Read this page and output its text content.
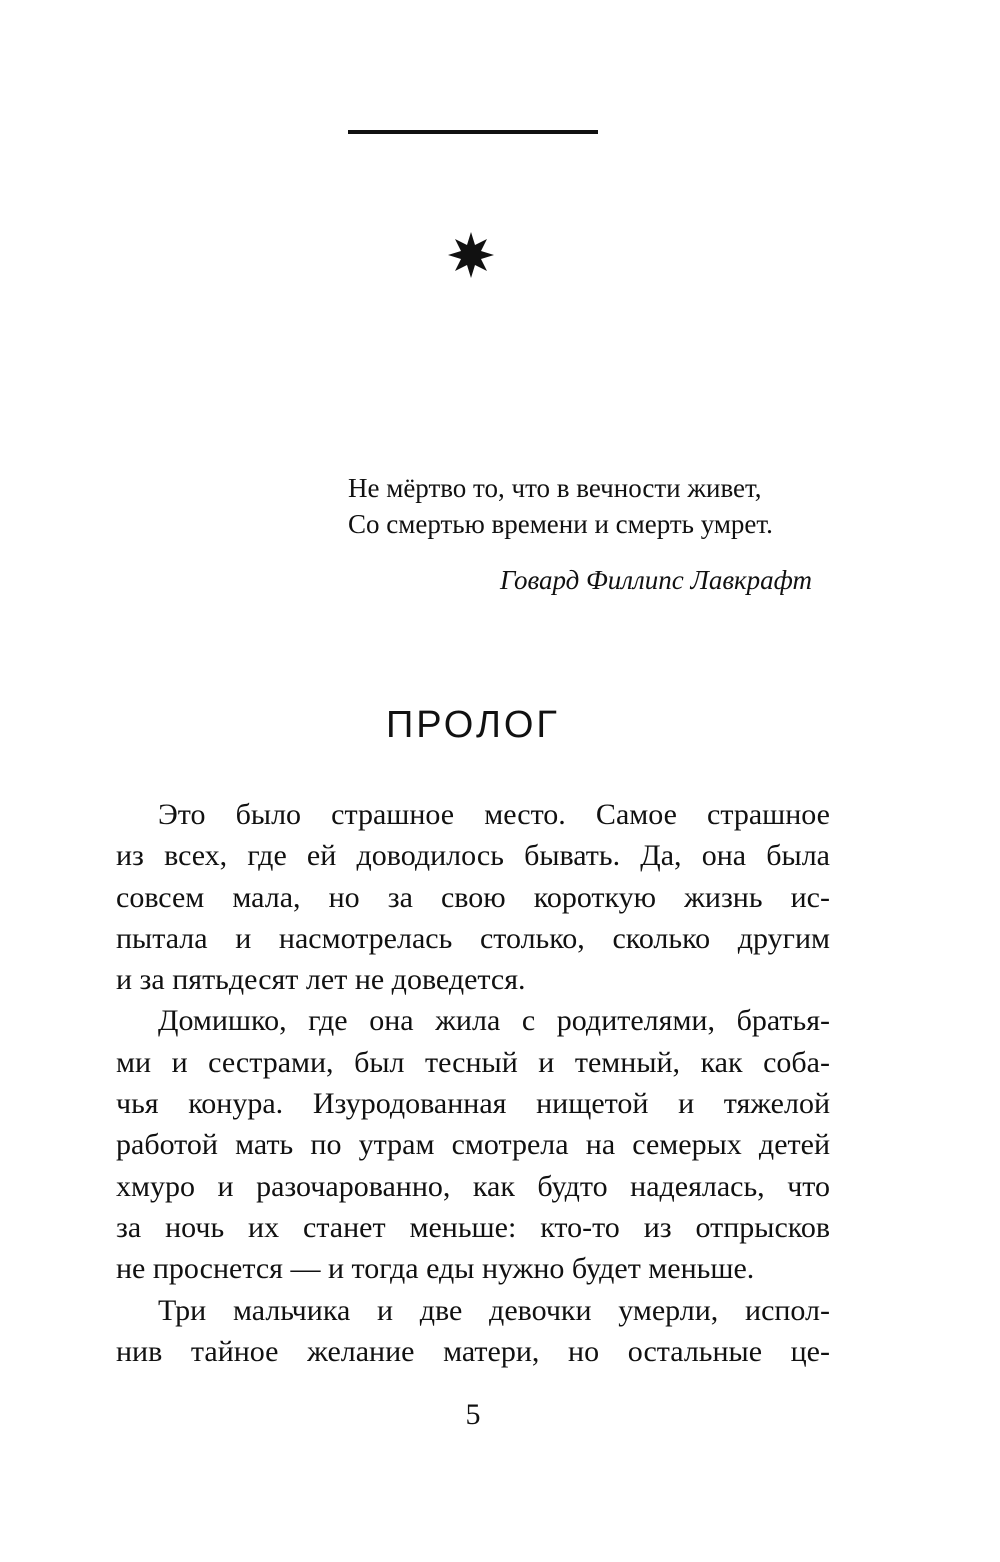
Не мёртво то, что в вечности живет,
Со смертью времени и смерть умрет.
Говард Филлипс Лавкрафт
ПРОЛОГ
Это было страшное место. Самое страшное
из всех, где ей доводилось бывать. Да, она была
совсем мала, но за свою короткую жизнь ис-
пытала и насмотрелась столько, сколько другим
и за пятьдесят лет не доведется.
Домишко, где она жила с родителями, братья-
ми и сестрами, был тесный и темный, как соба-
чья конура. Изуродованная нищетой и тяжелой
работой мать по утрам смотрела на семерых детей
хмуро и разочарованно, как будто надеялась, что
за ночь их станет меньше: кто-то из отпрысков
не проснется — и тогда еды нужно будет меньше.
Три мальчика и две девочки умерли, испол-
нив тайное желание матери, но остальные це-
5
